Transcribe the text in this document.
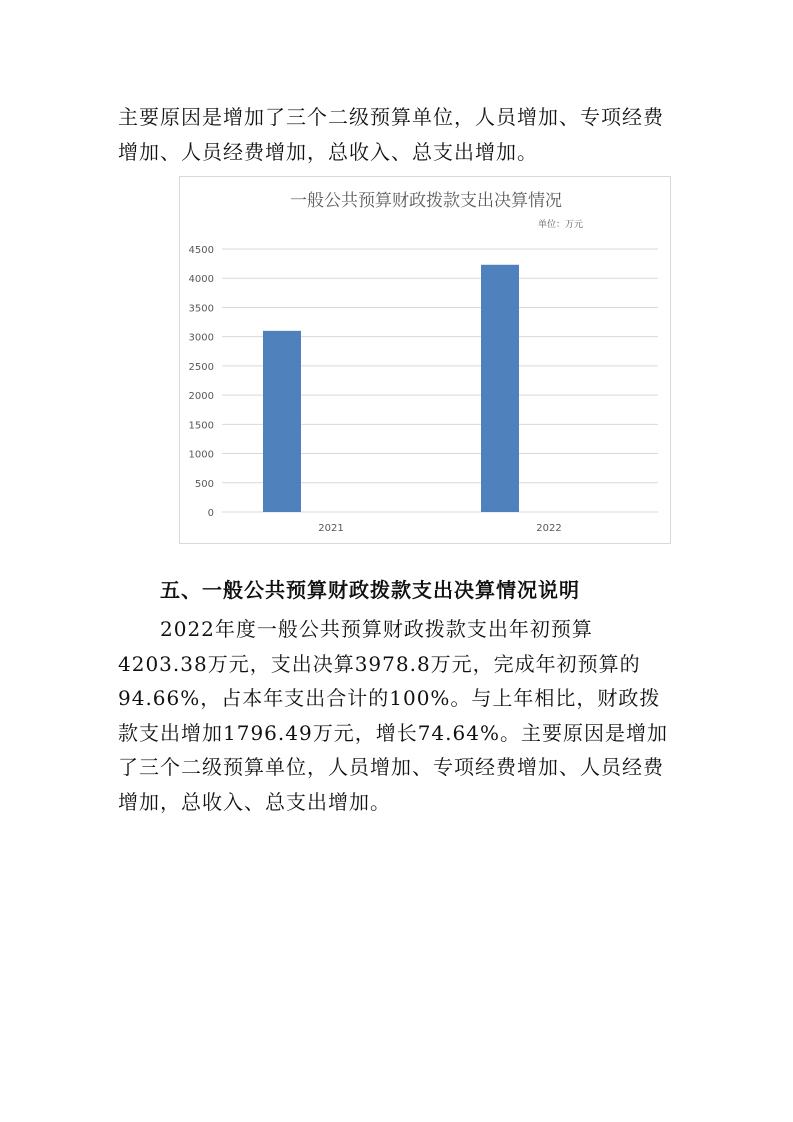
主要原因是增加了三个二级预算单位，人员增加、专项经费增加、人员经费增加，总收入、总支出增加。

一般公共预算财政拨款支出决算情况
单位：万元
0
500
1000
1500
2000
2500
3000
3500
4000
4500
2021	2022

五、一般公共预算财政拨款支出决算情况说明

2022年度一般公共预算财政拨款支出年初预算4203.38万元，支出决算3978.8万元，完成年初预算的94.66%，占本年支出合计的100%。与上年相比，财政拨款支出增加1796.49万元，增长74.64%。主要原因是增加了三个二级预算单位，人员增加、专项经费增加、人员经费增加，总收入、总支出增加。
